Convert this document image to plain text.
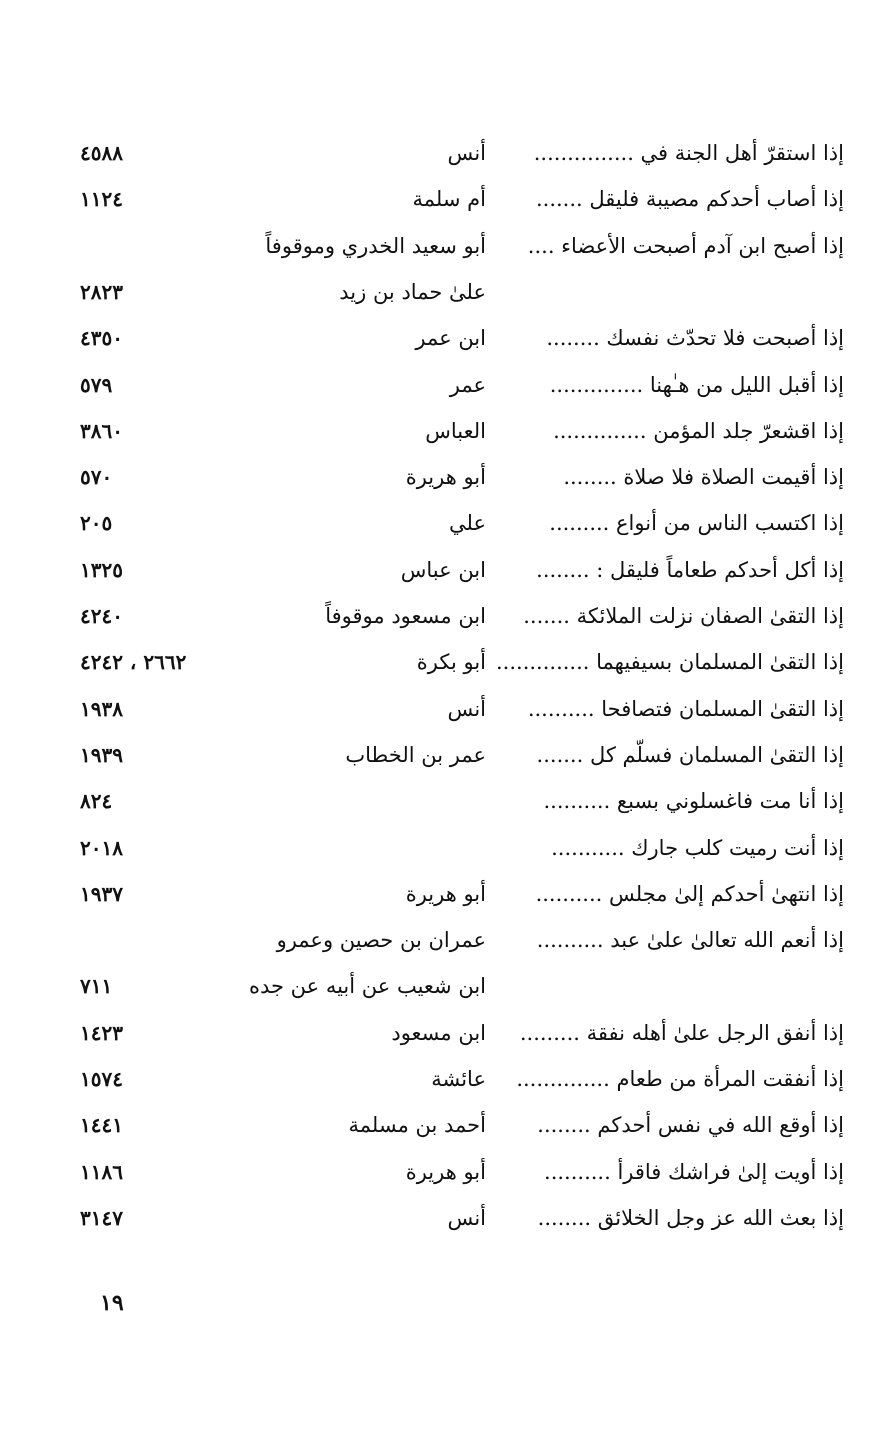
إذا استقرّ أهل الجنة في ...............
أنس
٤٥٨٨
إذا أصاب أحدكم مصيبة فليقل .......
أم سلمة
١١٢٤
إذا أصبح ابن آدم أصبحت الأعضاء ....
أبو سعيد الخدري وموقوفاً
علىٰ حماد بن زيد
٢٨٢٣
إذا أصبحت فلا تحدّث نفسك ........
ابن عمر
٤٣٥٠
إذا أقبل الليل من هـٰهنا ..............
عمر
٥٧٩
إذا اقشعرّ جلد المؤمن ..............
العباس
٣٨٦٠
إذا أقيمت الصلاة فلا صلاة ........
أبو هريرة
٥٧٠
إذا اكتسب الناس من أنواع .........
علي
٢٠٥
إذا أكل أحدكم طعاماً فليقل : ........
ابن عباس
١٣٢٥
إذا التقىٰ الصفان نزلت الملائكة .......
ابن مسعود موقوفاً
٤٢٤٠
إذا التقىٰ المسلمان بسيفيهما ..............
أبو بكرة
٢٦٦٢ ، ٤٢٤٢
إذا التقىٰ المسلمان فتصافحا ..........
أنس
١٩٣٨
إذا التقىٰ المسلمان فسلّم كل .......
عمر بن الخطاب
١٩٣٩
إذا أنا مت فاغسلوني بسبع ..........
٨٢٤
إذا أنت رميت كلب جارك ...........
٢٠١٨
إذا انتهىٰ أحدكم إلىٰ مجلس ..........
أبو هريرة
١٩٣٧
إذا أنعم الله تعالىٰ علىٰ عبد ..........
عمران بن حصين وعمرو
ابن شعيب عن أبيه عن جده
٧١١
إذا أنفق الرجل علىٰ أهله نفقة .........
ابن مسعود
١٤٢٣
إذا أنفقت المرأة من طعام ..............
عائشة
١٥٧٤
إذا أوقع الله في نفس أحدكم ........
أحمد بن مسلمة
١٤٤١
إذا أويت إلىٰ فراشك فاقرأ ..........
أبو هريرة
١١٨٦
إذا بعث الله عز وجل الخلائق ........
أنس
٣١٤٧
١٩
